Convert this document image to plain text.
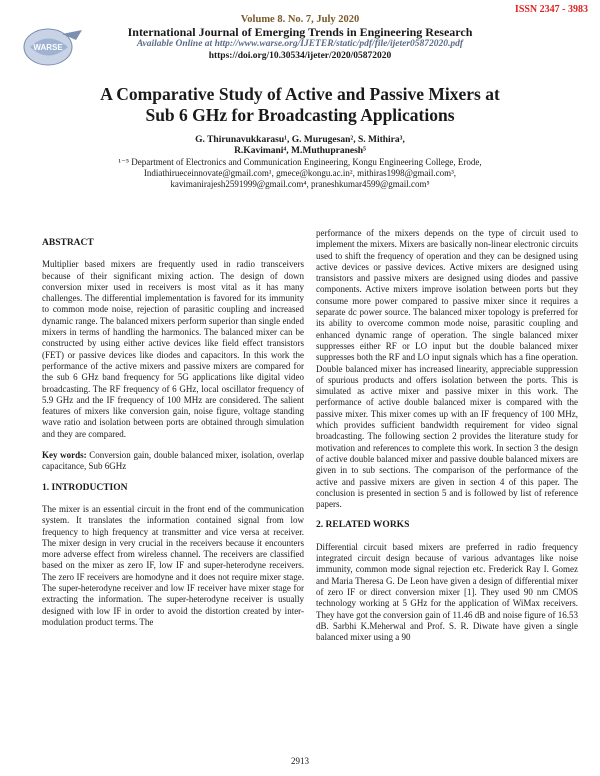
ISSN 2347 - 3983
WARSE
Volume 8. No. 7, July 2020
International Journal of Emerging Trends in Engineering Research
Available Online at http://www.warse.org/IJETER/static/pdf/file/ijeter05872020.pdf
https://doi.org/10.30534/ijeter/2020/05872020
A Comparative Study of Active and Passive Mixers at
Sub 6 GHz for Broadcasting Applications
G. Thirunavukkarasu¹, G. Murugesan², S. Mithira³,
R.Kavimani⁴, M.Muthupranesh⁵
¹⁻⁵ Department of Electronics and Communication Engineering, Kongu Engineering College, Erode,
Indiathirueceinnovate@gmail.com¹, gmece@kongu.ac.in², mithiras1998@gmail.com³,
kavimanirajesh2591999@gmail.com⁴, praneshkumar4599@gmail.com⁵
ABSTRACT

Multiplier based mixers are frequently used in radio transceivers because of their significant mixing action. The design of down conversion mixer used in receivers is most vital as it has many challenges. The differential implementation is favored for its immunity to common mode noise, rejection of parasitic coupling and increased dynamic range. The balanced mixers perform superior than single ended mixers in terms of handling the harmonics. The balanced mixer can be constructed by using either active devices like field effect transistors (FET) or passive devices like diodes and capacitors. In this work the performance of the active mixers and passive mixers are compared for the sub 6 GHz band frequency for 5G applications like digital video broadcasting. The RF frequency of 6 GHz, local oscillator frequency of 5.9 GHz and the IF frequency of 100 MHz are considered. The salient features of mixers like conversion gain, noise figure, voltage standing wave ratio and isolation between ports are obtained through simulation and they are compared.

Key words: Conversion gain, double balanced mixer, isolation, overlap capacitance, Sub 6GHz

1. INTRODUCTION

The mixer is an essential circuit in the front end of the communication system. It translates the information contained signal from low frequency to high frequency at transmitter and vice versa at receiver. The mixer design in very crucial in the receivers because it encounters more adverse effect from wireless channel. The receivers are classified based on the mixer as zero IF, low IF and super-heterodyne receivers. The zero IF receivers are homodyne and it does not require mixer stage. The super-heterodyne receiver and low IF receiver have mixer stage for extracting the information. The super-heterodyne receiver is usually designed with low IF in order to avoid the distortion created by inter-modulation product terms. The

performance of the mixers depends on the type of circuit used to implement the mixers. Mixers are basically non-linear electronic circuits used to shift the frequency of operation and they can be designed using active devices or passive devices. Active mixers are designed using transistors and passive mixers are designed using diodes and passive components. Active mixers improve isolation between ports but they consume more power compared to passive mixer since it requires a separate dc power source. The balanced mixer topology is preferred for its ability to overcome common mode noise, parasitic coupling and enhanced dynamic range of operation. The single balanced mixer suppresses either RF or LO input but the double balanced mixer suppresses both the RF and LO input signals which has a fine operation. Double balanced mixer has increased linearity, appreciable suppression of spurious products and offers isolation between the ports. This is simulated as active mixer and passive mixer in this work. The performance of active double balanced mixer is compared with the passive mixer. This mixer comes up with an IF frequency of 100 MHz, which provides sufficient bandwidth requirement for video signal broadcasting. The following section 2 provides the literature study for motivation and references to complete this work. In section 3 the design of active double balanced mixer and passive double balanced mixers are given in to sub sections. The comparison of the performance of the active and passive mixers are given in section 4 of this paper. The conclusion is presented in section 5 and is followed by list of reference papers.

2. RELATED WORKS

Differential circuit based mixers are preferred in radio frequency integrated circuit design because of various advantages like noise immunity, common mode signal rejection etc. Frederick Ray I. Gomez and Maria Theresa G. De Leon have given a design of differential mixer of zero IF or direct conversion mixer [1]. They used 90 nm CMOS technology working at 5 GHz for the application of WiMax receivers. They have got the conversion gain of 11.46 dB and noise figure of 16.53 dB. Sarbhi K.Meherwal and Prof. S. R. Diwate have given a single balanced mixer using a 90

2913
